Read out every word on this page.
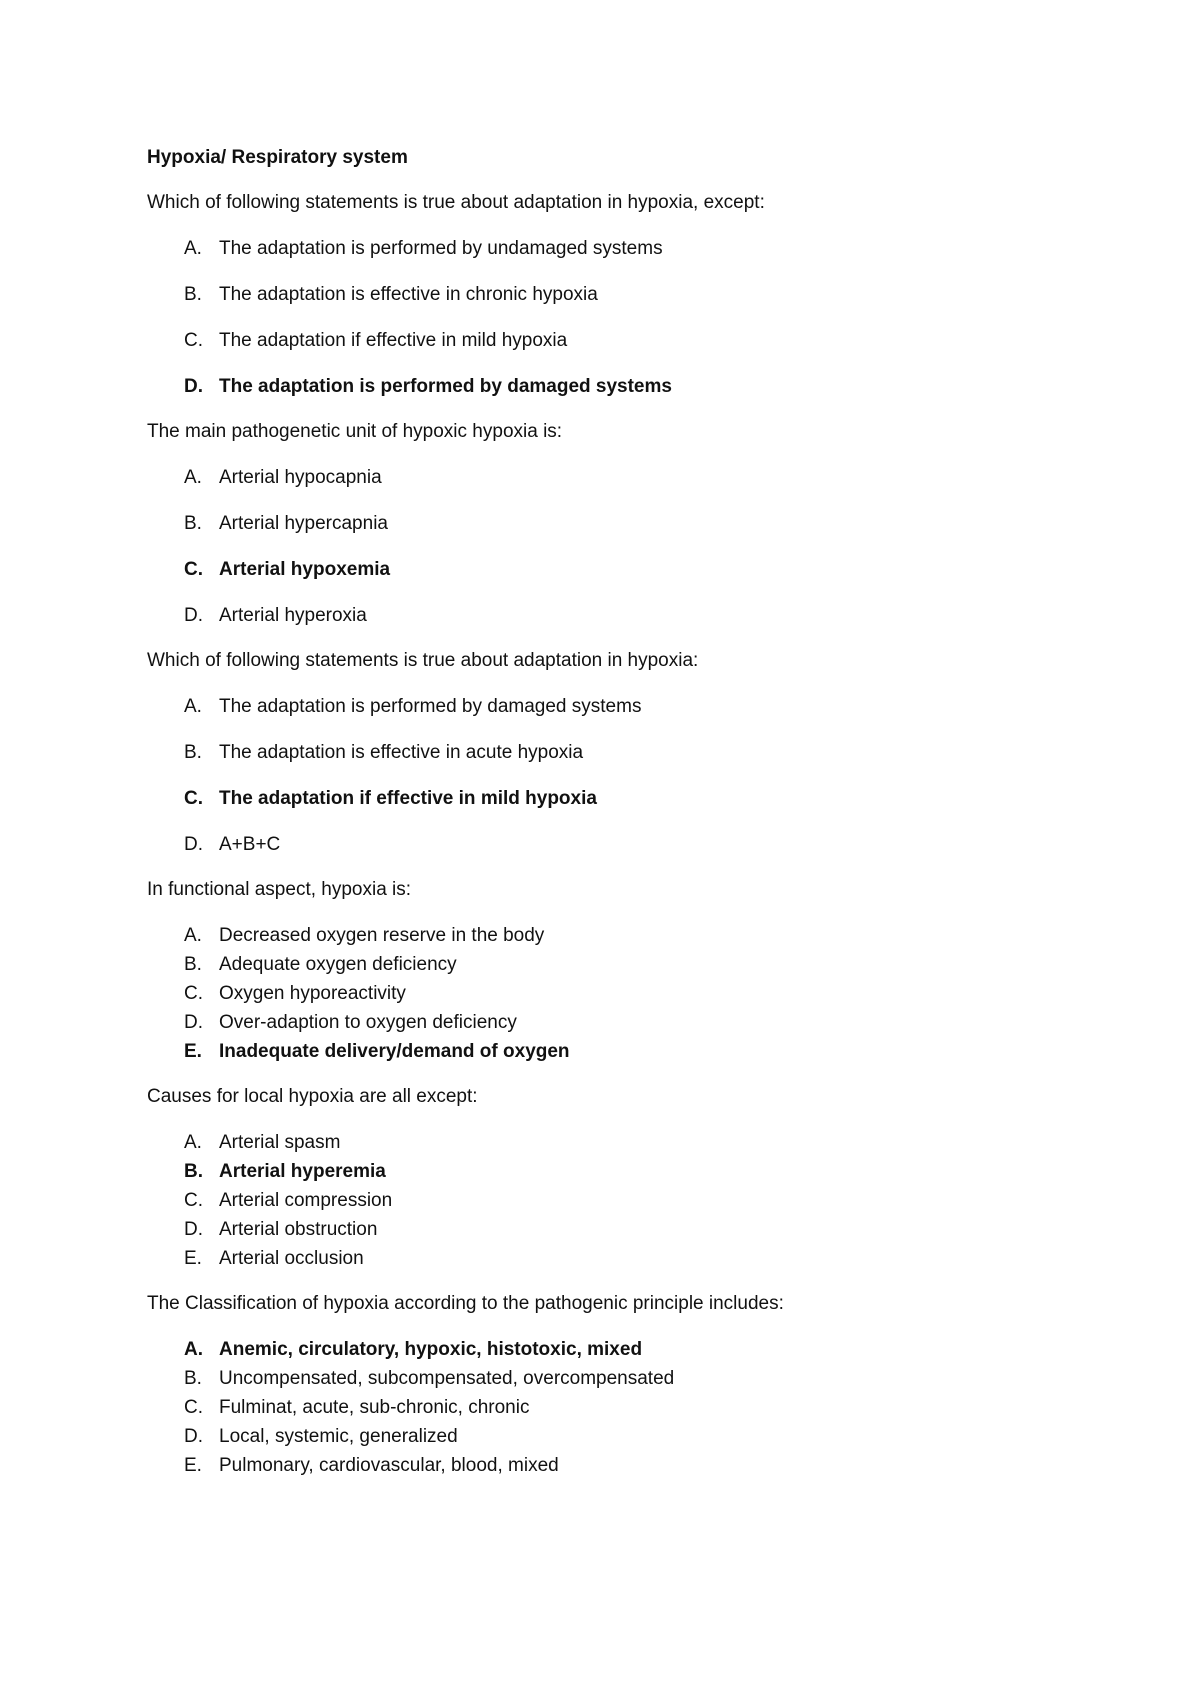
Hypoxia/ Respiratory system
Which of following statements is true about adaptation in hypoxia, except:
A. The adaptation is performed by undamaged systems
B. The adaptation is effective in chronic hypoxia
C. The adaptation if effective in mild hypoxia
D. The adaptation is performed by damaged systems
The main pathogenetic unit of hypoxic hypoxia is:
A. Arterial hypocapnia
B. Arterial hypercapnia
C. Arterial hypoxemia
D. Arterial hyperoxia
Which of following statements is true about adaptation in hypoxia:
A. The adaptation is performed by damaged systems
B. The adaptation is effective in acute hypoxia
C. The adaptation if effective in mild hypoxia
D. A+B+C
In functional aspect, hypoxia is:
A. Decreased oxygen reserve in the body
B. Adequate oxygen deficiency
C. Oxygen hyporeactivity
D. Over-adaption to oxygen deficiency
E. Inadequate delivery/demand of oxygen
Causes for local hypoxia are all except:
A. Arterial spasm
B. Arterial hyperemia
C. Arterial compression
D. Arterial obstruction
E. Arterial occlusion
The Classification of hypoxia according to the pathogenic principle includes:
A. Anemic, circulatory, hypoxic, histotoxic, mixed
B. Uncompensated, subcompensated, overcompensated
C. Fulminat, acute, sub-chronic, chronic
D. Local, systemic, generalized
E. Pulmonary, cardiovascular, blood, mixed
